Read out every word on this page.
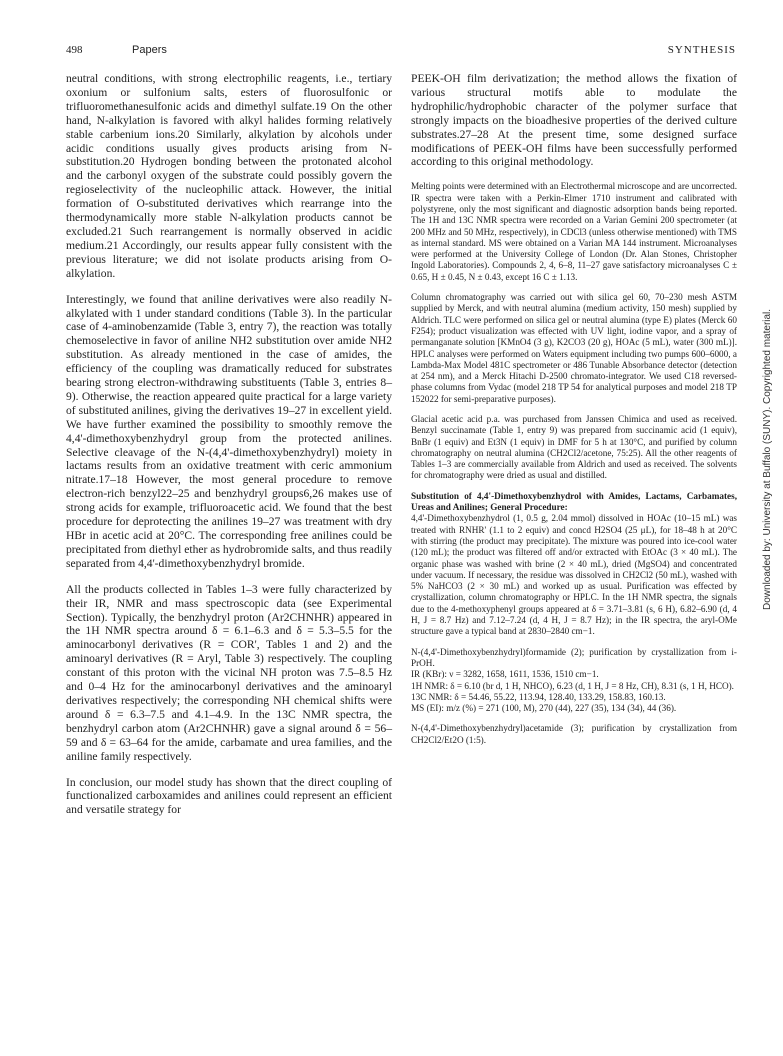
498	Papers	SYNTHESIS

neutral conditions, with strong electrophilic reagents, i.e., tertiary oxonium or sulfonium salts, esters of fluorosulfonic or trifluoromethanesulfonic acids and dimethyl sulfate.19 On the other hand, N-alkylation is favored with alkyl halides forming relatively stable carbenium ions.20 Similarly, alkylation by alcohols under acidic conditions usually gives products arising from N-substitution.20 Hydrogen bonding between the protonated alcohol and the carbonyl oxygen of the substrate could possibly govern the regioselectivity of the nucleophilic attack. However, the initial formation of O-substituted derivatives which rearrange into the thermodynamically more stable N-alkylation products cannot be excluded.21 Such rearrangement is normally observed in acidic medium.21 Accordingly, our results appear fully consistent with the previous literature; we did not isolate products arising from O-alkylation.

Interestingly, we found that aniline derivatives were also readily N-alkylated with 1 under standard conditions (Table 3). In the particular case of 4-aminobenzamide (Table 3, entry 7), the reaction was totally chemoselective in favor of aniline NH2 substitution over amide NH2 substitution. As already mentioned in the case of amides, the efficiency of the coupling was dramatically reduced for substrates bearing strong electron-withdrawing substituents (Table 3, entries 8–9). Otherwise, the reaction appeared quite practical for a large variety of substituted anilines, giving the derivatives 19–27 in excellent yield. We have further examined the possibility to smoothly remove the 4,4'-dimethoxybenzhydryl group from the protected anilines. Selective cleavage of the N-(4,4'-dimethoxybenzhydryl) moiety in lactams results from an oxidative treatment with ceric ammonium nitrate.17–18 However, the most general procedure to remove electron-rich benzyl22–25 and benzhydryl groups6,26 makes use of strong acids for example, trifluoroacetic acid. We found that the best procedure for deprotecting the anilines 19–27 was treatment with dry HBr in acetic acid at 20°C. The corresponding free anilines could be precipitated from diethyl ether as hydrobromide salts, and thus readily separated from 4,4'-dimethoxybenzhydryl bromide.

All the products collected in Tables 1–3 were fully characterized by their IR, NMR and mass spectroscopic data (see Experimental Section). Typically, the benzhydryl proton (Ar2CHNHR) appeared in the 1H NMR spectra around δ = 6.1–6.3 and δ = 5.3–5.5 for the aminocarbonyl derivatives (R = COR', Tables 1 and 2) and the aminoaryl derivatives (R = Aryl, Table 3) respectively. The coupling constant of this proton with the vicinal NH proton was 7.5–8.5 Hz and 0–4 Hz for the aminocarbonyl derivatives and the aminoaryl derivatives respectively; the corresponding NH chemical shifts were around δ = 6.3–7.5 and 4.1–4.9. In the 13C NMR spectra, the benzhydryl carbon atom (Ar2CHNHR) gave a signal around δ = 56–59 and δ = 63–64 for the amide, carbamate and urea families, and the aniline family respectively.

In conclusion, our model study has shown that the direct coupling of functionalized carboxamides and anilines could represent an efficient and versatile strategy for

PEEK-OH film derivatization; the method allows the fixation of various structural motifs able to modulate the hydrophilic/hydrophobic character of the polymer surface that strongly impacts on the bioadhesive properties of the derived culture substrates.27–28 At the present time, some designed surface modifications of PEEK-OH films have been successfully performed according to this original methodology.

Melting points were determined with an Electrothermal microscope and are uncorrected. IR spectra were taken with a Perkin-Elmer 1710 instrument and calibrated with polystyrene, only the most significant and diagnostic adsorption bands being reported. The 1H and 13C NMR spectra were recorded on a Varian Gemini 200 spectrometer (at 200 MHz and 50 MHz, respectively), in CDCl3 (unless otherwise mentioned) with TMS as internal standard. MS were obtained on a Varian MA 144 instrument. Microanalyses were performed at the University College of London (Dr. Alan Stones, Christopher Ingold Laboratories). Compounds 2, 4, 6–8, 11–27 gave satisfactory microanalyses C ± 0.65, H ± 0.45, N ± 0.43, except 16 C ± 1.13.

Column chromatography was carried out with silica gel 60, 70–230 mesh ASTM supplied by Merck, and with neutral alumina (medium activity, 150 mesh) supplied by Aldrich. TLC were performed on silica gel or neutral alumina (type E) plates (Merck 60 F254); product visualization was effected with UV light, iodine vapor, and a spray of permanganate solution [KMnO4 (3 g), K2CO3 (20 g), HOAc (5 mL), water (300 mL)]. HPLC analyses were performed on Waters equipment including two pumps 600–6000, a Lambda-Max Model 481C spectrometer or 486 Tunable Absorbance detector (detection at 254 nm), and a Merck Hitachi D-2500 chromato-integrator. We used C18 reversed-phase columns from Vydac (model 218 TP 54 for analytical purposes and model 218 TP 152022 for semi-preparative purposes).

Glacial acetic acid p.a. was purchased from Janssen Chimica and used as received. Benzyl succinamate (Table 1, entry 9) was prepared from succinamic acid (1 equiv), BnBr (1 equiv) and Et3N (1 equiv) in DMF for 5 h at 130°C, and purified by column chromatography on neutral alumina (CH2Cl2/acetone, 75:25). All the other reagents of Tables 1–3 are commercially available from Aldrich and used as received. The solvents for chromatography were dried as usual and distilled.

Substitution of 4,4'-Dimethoxybenzhydrol with Amides, Lactams, Carbamates, Ureas and Anilines; General Procedure:

4,4'-Dimethoxybenzhydrol (1, 0.5 g, 2.04 mmol) dissolved in HOAc (10–15 mL) was treated with RNHR' (1.1 to 2 equiv) and concd H2SO4 (25 μL), for 18–48 h at 20°C with stirring (the product may precipitate). The mixture was poured into ice-cool water (120 mL); the product was filtered off and/or extracted with EtOAc (3 × 40 mL). The organic phase was washed with brine (2 × 40 mL), dried (MgSO4) and concentrated under vacuum. If necessary, the residue was dissolved in CH2Cl2 (50 mL), washed with 5% NaHCO3 (2 × 30 mL) and worked up as usual. Purification was effected by crystallization, column chromatography or HPLC. In the 1H NMR spectra, the signals due to the 4-methoxyphenyl groups appeared at δ = 3.71–3.81 (s, 6 H), 6.82–6.90 (d, 4 H, J = 8.7 Hz) and 7.12–7.24 (d, 4 H, J = 8.7 Hz); in the IR spectra, the aryl-OMe structure gave a typical band at 2830–2840 cm−1.

N-(4,4'-Dimethoxybenzhydryl)formamide (2); purification by crystallization from i-PrOH.

IR (KBr): ν = 3282, 1658, 1611, 1536, 1510 cm−1.

1H NMR: δ = 6.10 (br d, 1 H, NHCO), 6.23 (d, 1 H, J = 8 Hz, CH), 8.31 (s, 1 H, HCO).

13C NMR: δ = 54.46, 55.22, 113.94, 128.40, 133.29, 158.83, 160.13.

MS (EI): m/z (%) = 271 (100, M), 270 (44), 227 (35), 134 (34), 44 (36).

N-(4,4'-Dimethoxybenzhydryl)acetamide (3); purification by crystallization from CH2Cl2/Et2O (1:5).

Downloaded by: University at Buffalo (SUNY). Copyrighted material.
